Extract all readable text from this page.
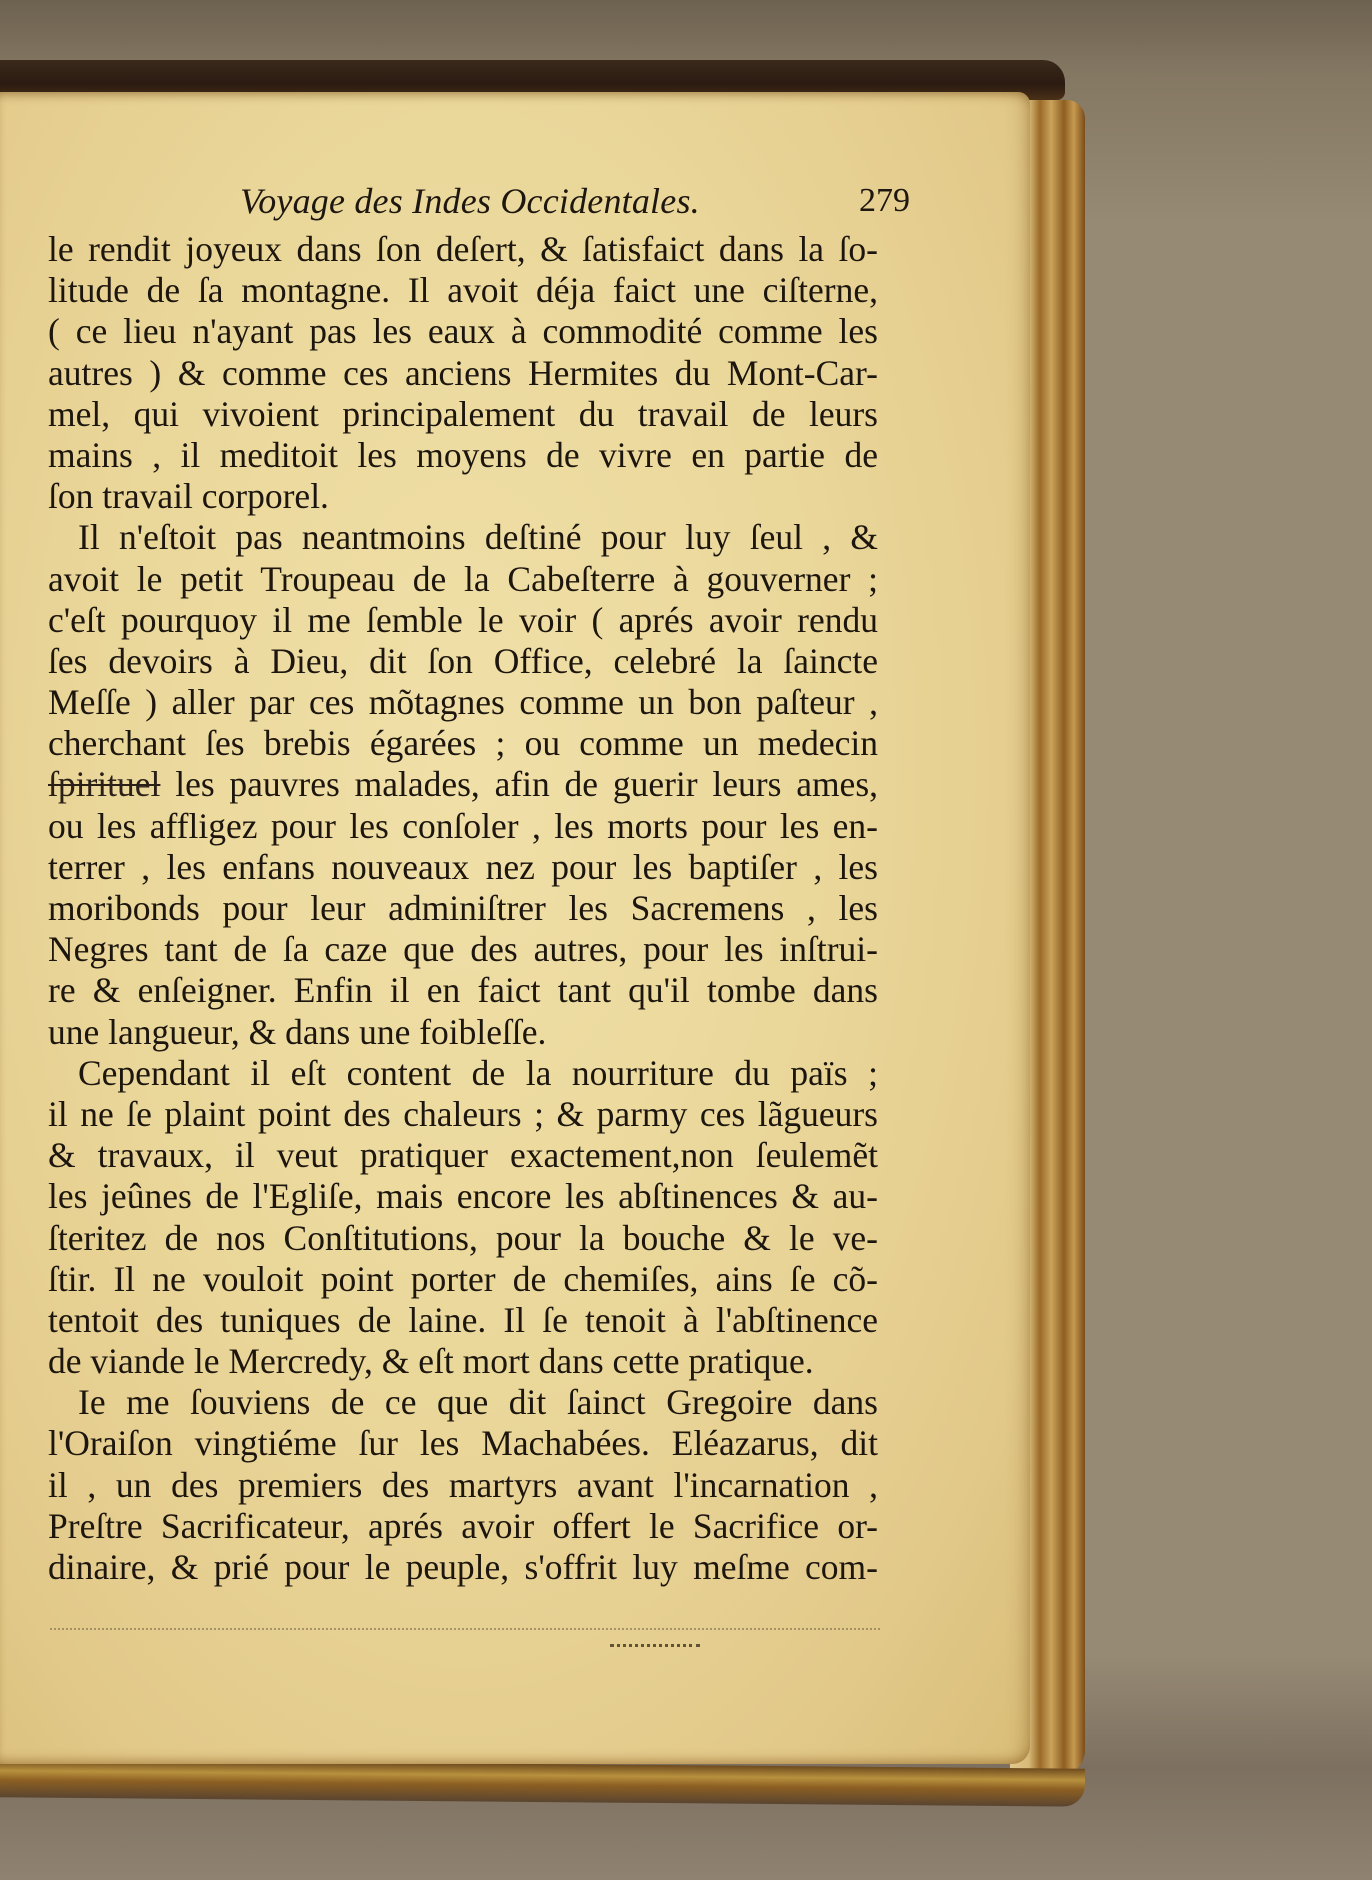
Voyage des Indes Occidentales.	279
le rendit joyeux dans ſon deſert, & ſatisfaict dans la ſo-
litude de ſa montagne. Il avoit déja faict une ciſterne,
( ce lieu n'ayant pas les eaux à commodité comme les
autres ) & comme ces anciens Hermites du Mont-Car-
mel, qui vivoient principalement du travail de leurs
mains , il meditoit les moyens de vivre en partie de
ſon travail corporel.
Il n'eſtoit pas neantmoins deſtiné pour luy ſeul , &
avoit le petit Troupeau de la Cabeſterre à gouverner ;
c'eſt pourquoy il me ſemble le voir ( aprés avoir rendu
ſes devoirs à Dieu, dit ſon Office, celebré la ſaincte
Meſſe ) aller par ces mõtagnes comme un bon paſteur ,
cherchant ſes brebis égarées ; ou comme un medecin
ſpirituel les pauvres malades, afin de guerir leurs ames,
ou les affligez pour les conſoler , les morts pour les en-
terrer , les enfans nouveaux nez pour les baptiſer , les
moribonds pour leur adminiſtrer les Sacremens , les
Negres tant de ſa caze que des autres, pour les inſtrui-
re & enſeigner. Enfin il en faict tant qu'il tombe dans
une langueur, & dans une foibleſſe.
Cependant il eſt content de la nourriture du païs ;
il ne ſe plaint point des chaleurs ; & parmy ces lãgueurs
& travaux, il veut pratiquer exactement,non ſeulemẽt
les jeûnes de l'Egliſe, mais encore les abſtinences & au-
ſteritez de nos Conſtitutions, pour la bouche & le ve-
ſtir. Il ne vouloit point porter de chemiſes, ains ſe cõ-
tentoit des tuniques de laine. Il ſe tenoit à l'abſtinence
de viande le Mercredy, & eſt mort dans cette pratique.
Ie me ſouviens de ce que dit ſainct Gregoire dans
l'Oraiſon vingtiéme ſur les Machabées. Eléazarus, dit
il , un des premiers des martyrs avant l'incarnation ,
Preſtre Sacrificateur, aprés avoir offert le Sacrifice or-
dinaire, & prié pour le peuple, s'offrit luy meſme com-
